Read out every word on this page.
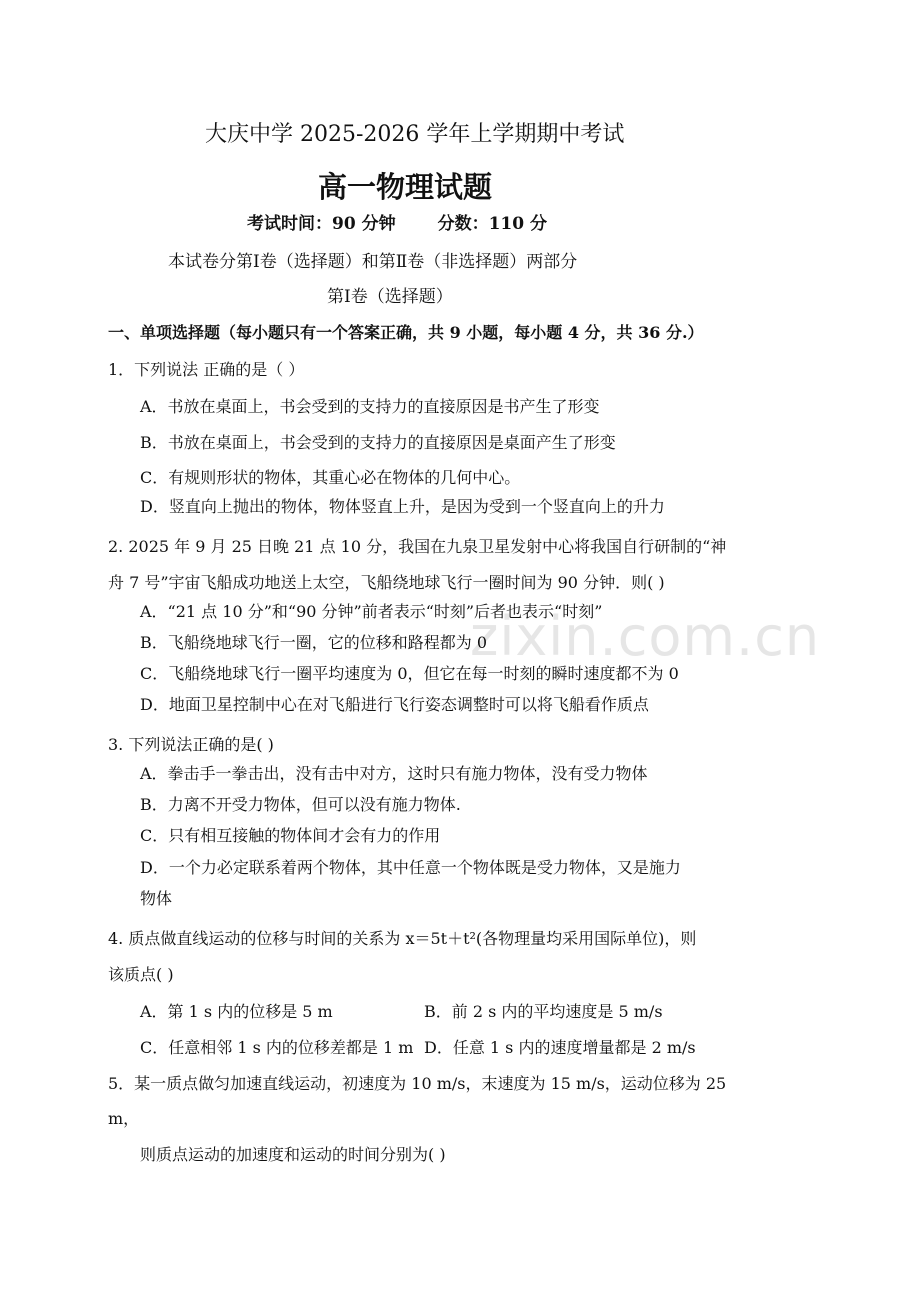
zixin.com.cn
大庆中学 2025-2026 学年上学期期中考试
高一物理试题
考试时间：90 分钟 分数：110 分
本试卷分第Ⅰ卷（选择题）和第Ⅱ卷（非选择题）两部分
第Ⅰ卷（选择题）
一、单项选择题（每小题只有一个答案正确，共 9 小题，每小题 4 分，共 36 分.）
1．下列说法 正确的是（ ）
A．书放在桌面上，书会受到的支持力的直接原因是书产生了形变
B．书放在桌面上，书会受到的支持力的直接原因是桌面产生了形变
C．有规则形状的物体，其重心必在物体的几何中心。
D．竖直向上抛出的物体，物体竖直上升，是因为受到一个竖直向上的升力
2. 2025 年 9 月 25 日晚 21 点 10 分，我国在九泉卫星发射中心将我国自行研制的“神
舟 7 号”宇宙飞船成功地送上太空，飞船绕地球飞行一圈时间为 90 分钟．则( )
A．“21 点 10 分”和“90 分钟”前者表示“时刻”后者也表示“时刻”
B．飞船绕地球飞行一圈，它的位移和路程都为 0
C．飞船绕地球飞行一圈平均速度为 0，但它在每一时刻的瞬时速度都不为 0
D．地面卫星控制中心在对飞船进行飞行姿态调整时可以将飞船看作质点
3. 下列说法正确的是( )
A．拳击手一拳击出，没有击中对方，这时只有施力物体，没有受力物体
B．力离不开受力物体，但可以没有施力物体.
C．只有相互接触的物体间才会有力的作用
D．一个力必定联系着两个物体，其中任意一个物体既是受力物体，又是施力
物体
4. 质点做直线运动的位移与时间的关系为 x＝5t＋t²(各物理量均采用国际单位)，则
该质点( )
A．第 1 s 内的位移是 5 m	B．前 2 s 内的平均速度是 5 m/s
C．任意相邻 1 s 内的位移差都是 1 m D．任意 1 s 内的速度增量都是 2 m/s
5．某一质点做匀加速直线运动，初速度为 10 m/s，末速度为 15 m/s，运动位移为 25
m，
则质点运动的加速度和运动的时间分别为( )
